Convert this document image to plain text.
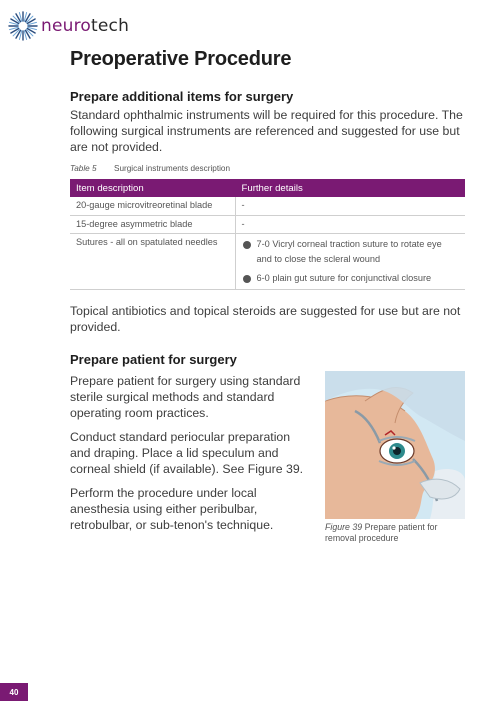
neurotech
Preoperative Procedure
Prepare additional items for surgery

Standard ophthalmic instruments will be required for this procedure. The following surgical instruments are referenced and suggested for use but are not provided.

Table 5	Surgical instruments description
Item description	Further details
20-gauge microvitreoretinal blade	-
15-degree asymmetric blade	-
Sutures - all on spatulated needles	7-0 Vicryl corneal traction suture to rotate eye and to close the scleral wound
6-0 plain gut suture for conjunctival closure

Topical antibiotics and topical steroids are suggested for use but are not provided.

Prepare patient for surgery

Prepare patient for surgery using standard sterile surgical methods and standard operating room practices.

Conduct standard periocular preparation and draping. Place a lid speculum and corneal shield (if available). See Figure 39.

Perform the procedure under local anesthesia using either peribulbar, retrobulbar, or sub-tenon's technique.	Figure 39 Prepare patient for removal procedure
40
